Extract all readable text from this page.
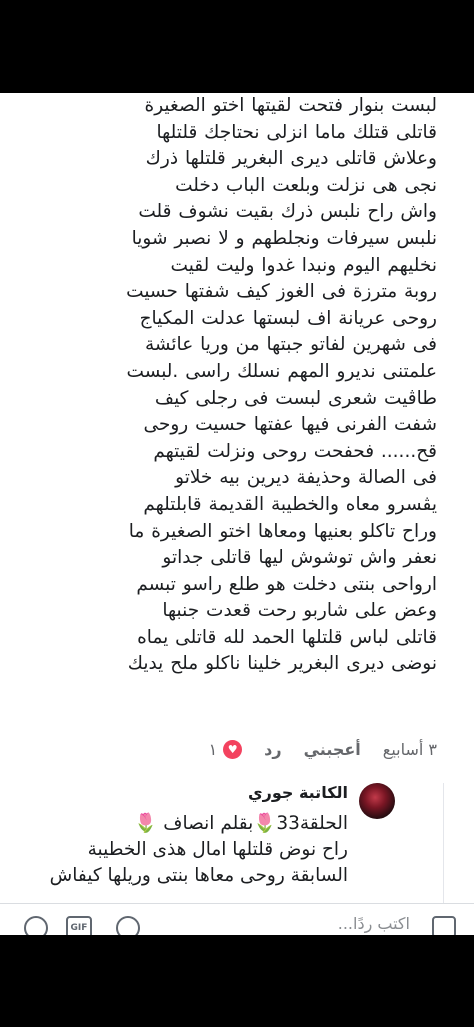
لبست بنوار فتحت لقيتها اختو الصغيرة
قاتلى قتلك ماما انزلى نحتاجك قلتلها
وعلاش قاتلى ديرى البغرير قلتلها ذرك
نجى هى نزلت وبلعت الباب دخلت
واش راح نلبس ذرك بقيت نشوف قلت
نلبس سيرفات ونجلطهم و لا نصبر شويا
نخليهم اليوم ونبدا غدوا وليت لقيت
روبة مترزة فى الغوز كيف شفتها حسيت
روحى عريانة اف لبستها عدلت المكياج
فى شهرين لفاتو جبتها من وريا عائشة
علمتنى نديرو المهم نسلك راسى .لبست
طاڨيت شعرى لبست فى رجلى كيف
شفت الفرنى فيها عفتها حسيت روحى
قح...... فحفحت روحى ونزلت لقيتهم
فى الصالة وحذيفة ديرين بيه خلاتو
يڨسرو معاه والخطيبة القديمة قابلتلهم
وراح تاكلو بعنيها ومعاها اختو الصغيرة ما
نعفر واش توشوش ليها قاتلى جداتو
ارواحى بنتى دخلت هو طلع راسو تبسم
وعض على شاربو رحت قعدت جنبها
قاتلى لباس قلتلها الحمد لله قاتلى يماه
نوضى ديرى البغرير خلينا ناكلو ملح يديك
٣ أسابيع
أعجبني
رد
♥
١
الكاتبة جوري
الحلقة33🌷بقلم انصاف 🌷
راح نوض قلتلها امال هذى الخطيبة
السابقة روحى معاها بنتى وريلها كيفاش
GIF	اكتب ردًا...
